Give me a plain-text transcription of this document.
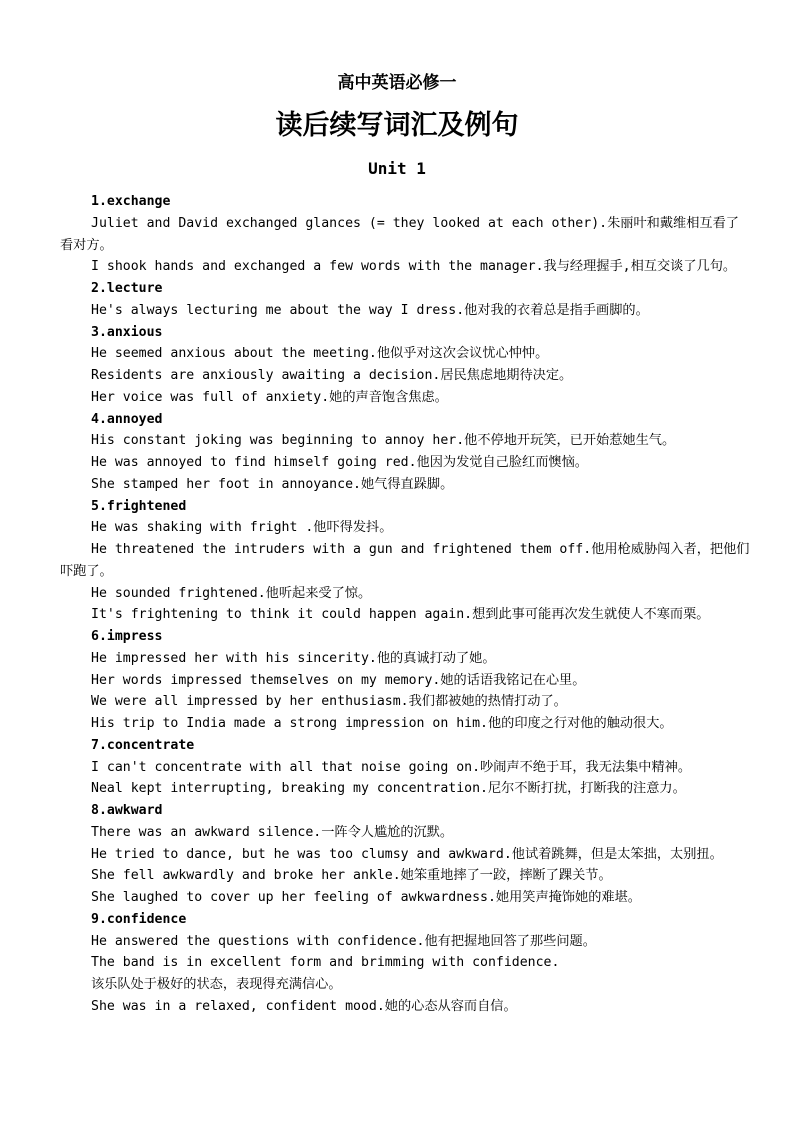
高中英语必修一
读后续写词汇及例句
Unit 1

1.exchange

Juliet and David exchanged glances (= they looked at each other).朱丽叶和戴维相互看了看对方。

I shook hands and exchanged a few words with the manager.我与经理握手,相互交谈了几句。

2.lecture

He's always lecturing me about the way I dress.他对我的衣着总是指手画脚的。

3.anxious

He seemed anxious about the meeting.他似乎对这次会议忧心忡忡。

Residents are anxiously awaiting a decision.居民焦虑地期待决定。

Her voice was full of anxiety.她的声音饱含焦虑。

4.annoyed

His constant joking was beginning to annoy her.他不停地开玩笑，已开始惹她生气。

He was annoyed to find himself going red.他因为发觉自己脸红而懊恼。

She stamped her foot in annoyance.她气得直跺脚。

5.frightened

He was shaking with fright .他吓得发抖。

He threatened the intruders with a gun and frightened them off.他用枪威胁闯入者，把他们吓跑了。

He sounded frightened.他听起来受了惊。

It's frightening to think it could happen again.想到此事可能再次发生就使人不寒而栗。

6.impress

He impressed her with his sincerity.他的真诚打动了她。

Her words impressed themselves on my memory.她的话语我铭记在心里。

We were all impressed by her enthusiasm.我们都被她的热情打动了。

His trip to India made a strong impression on him.他的印度之行对他的触动很大。

7.concentrate

I can't concentrate with all that noise going on.吵闹声不绝于耳，我无法集中精神。

Neal kept interrupting, breaking my concentration.尼尔不断打扰，打断我的注意力。

8.awkward

There was an awkward silence.一阵令人尴尬的沉默。

He tried to dance, but he was too clumsy and awkward.他试着跳舞，但是太笨拙，太别扭。

She fell awkwardly and broke her ankle.她笨重地摔了一跤，摔断了踝关节。

She laughed to cover up her feeling of awkwardness.她用笑声掩饰她的难堪。

9.confidence

He answered the questions with confidence.他有把握地回答了那些问题。

The band is in excellent form and brimming with confidence.

该乐队处于极好的状态，表现得充满信心。

She was in a relaxed, confident mood.她的心态从容而自信。
